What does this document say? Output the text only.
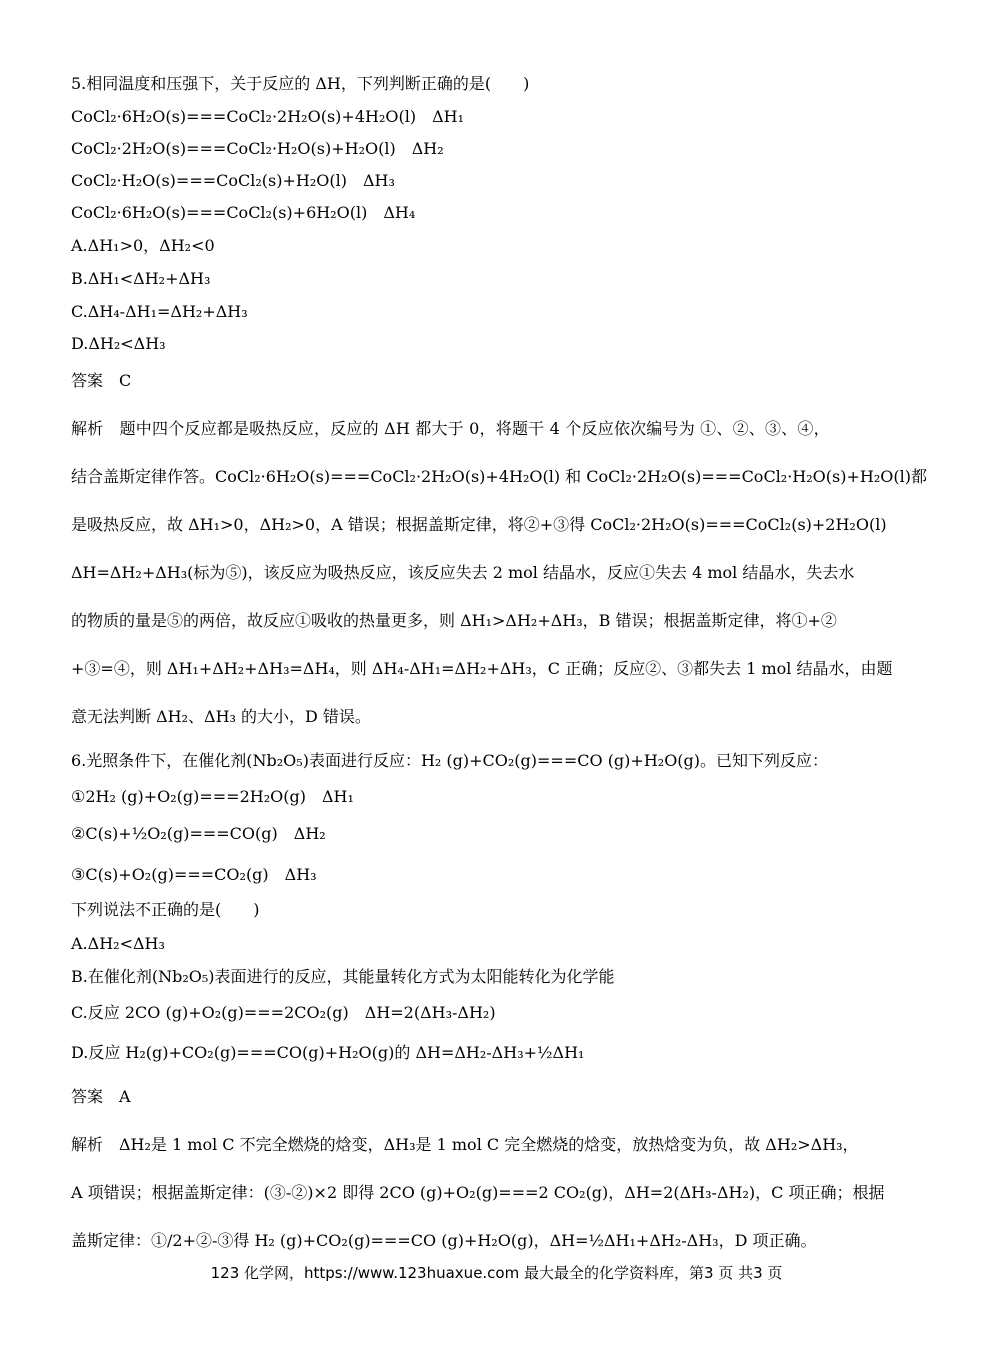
5.相同温度和压强下，关于反应的 ΔH，下列判断正确的是(　　)
CoCl₂·6H₂O(s)===CoCl₂·2H₂O(s)+4H₂O(l)　ΔH₁
CoCl₂·2H₂O(s)===CoCl₂·H₂O(s)+H₂O(l)　ΔH₂
CoCl₂·H₂O(s)===CoCl₂(s)+H₂O(l)　ΔH₃
CoCl₂·6H₂O(s)===CoCl₂(s)+6H₂O(l)　ΔH₄
A.ΔH₁>0，ΔH₂<0
B.ΔH₁<ΔH₂+ΔH₃
C.ΔH₄-ΔH₁=ΔH₂+ΔH₃
D.ΔH₂<ΔH₃
答案　C
解析　题中四个反应都是吸热反应，反应的 ΔH 都大于 0，将题干 4 个反应依次编号为 ①、②、③、④，
结合盖斯定律作答。CoCl₂·6H₂O(s)===CoCl₂·2H₂O(s)+4H₂O(l) 和 CoCl₂·2H₂O(s)===CoCl₂·H₂O(s)+H₂O(l)都
是吸热反应，故 ΔH₁>0，ΔH₂>0，A 错误；根据盖斯定律，将②+③得 CoCl₂·2H₂O(s)===CoCl₂(s)+2H₂O(l)
ΔH=ΔH₂+ΔH₃(标为⑤)，该反应为吸热反应，该反应失去 2 mol 结晶水，反应①失去 4 mol 结晶水，失去水
的物质的量是⑤的两倍，故反应①吸收的热量更多，则 ΔH₁>ΔH₂+ΔH₃，B 错误；根据盖斯定律，将①+②
+③=④，则 ΔH₁+ΔH₂+ΔH₃=ΔH₄，则 ΔH₄-ΔH₁=ΔH₂+ΔH₃，C 正确；反应②、③都失去 1 mol 结晶水，由题
意无法判断 ΔH₂、ΔH₃ 的大小，D 错误。
6.光照条件下，在催化剂(Nb₂O₅)表面进行反应：H₂ (g)+CO₂(g)===CO (g)+H₂O(g)。已知下列反应：
①2H₂ (g)+O₂(g)===2H₂O(g)　ΔH₁
②C(s)+½O₂(g)===CO(g)　ΔH₂
③C(s)+O₂(g)===CO₂(g)　ΔH₃
下列说法不正确的是(　　)
A.ΔH₂<ΔH₃
B.在催化剂(Nb₂O₅)表面进行的反应，其能量转化方式为太阳能转化为化学能
C.反应 2CO (g)+O₂(g)===2CO₂(g)　ΔH=2(ΔH₃-ΔH₂)
D.反应 H₂(g)+CO₂(g)===CO(g)+H₂O(g)的 ΔH=ΔH₂-ΔH₃+½ΔH₁
答案　A
解析　ΔH₂是 1 mol C 不完全燃烧的焓变，ΔH₃是 1 mol C 完全燃烧的焓变，放热焓变为负，故 ΔH₂>ΔH₃，
A 项错误；根据盖斯定律：(③-②)×2 即得 2CO (g)+O₂(g)===2 CO₂(g)，ΔH=2(ΔH₃-ΔH₂)，C 项正确；根据
盖斯定律：①/2+②-③得 H₂ (g)+CO₂(g)===CO (g)+H₂O(g)，ΔH=½ΔH₁+ΔH₂-ΔH₃，D 项正确。
123 化学网，https://www.123huaxue.com 最大最全的化学资料库，第3 页 共3 页
